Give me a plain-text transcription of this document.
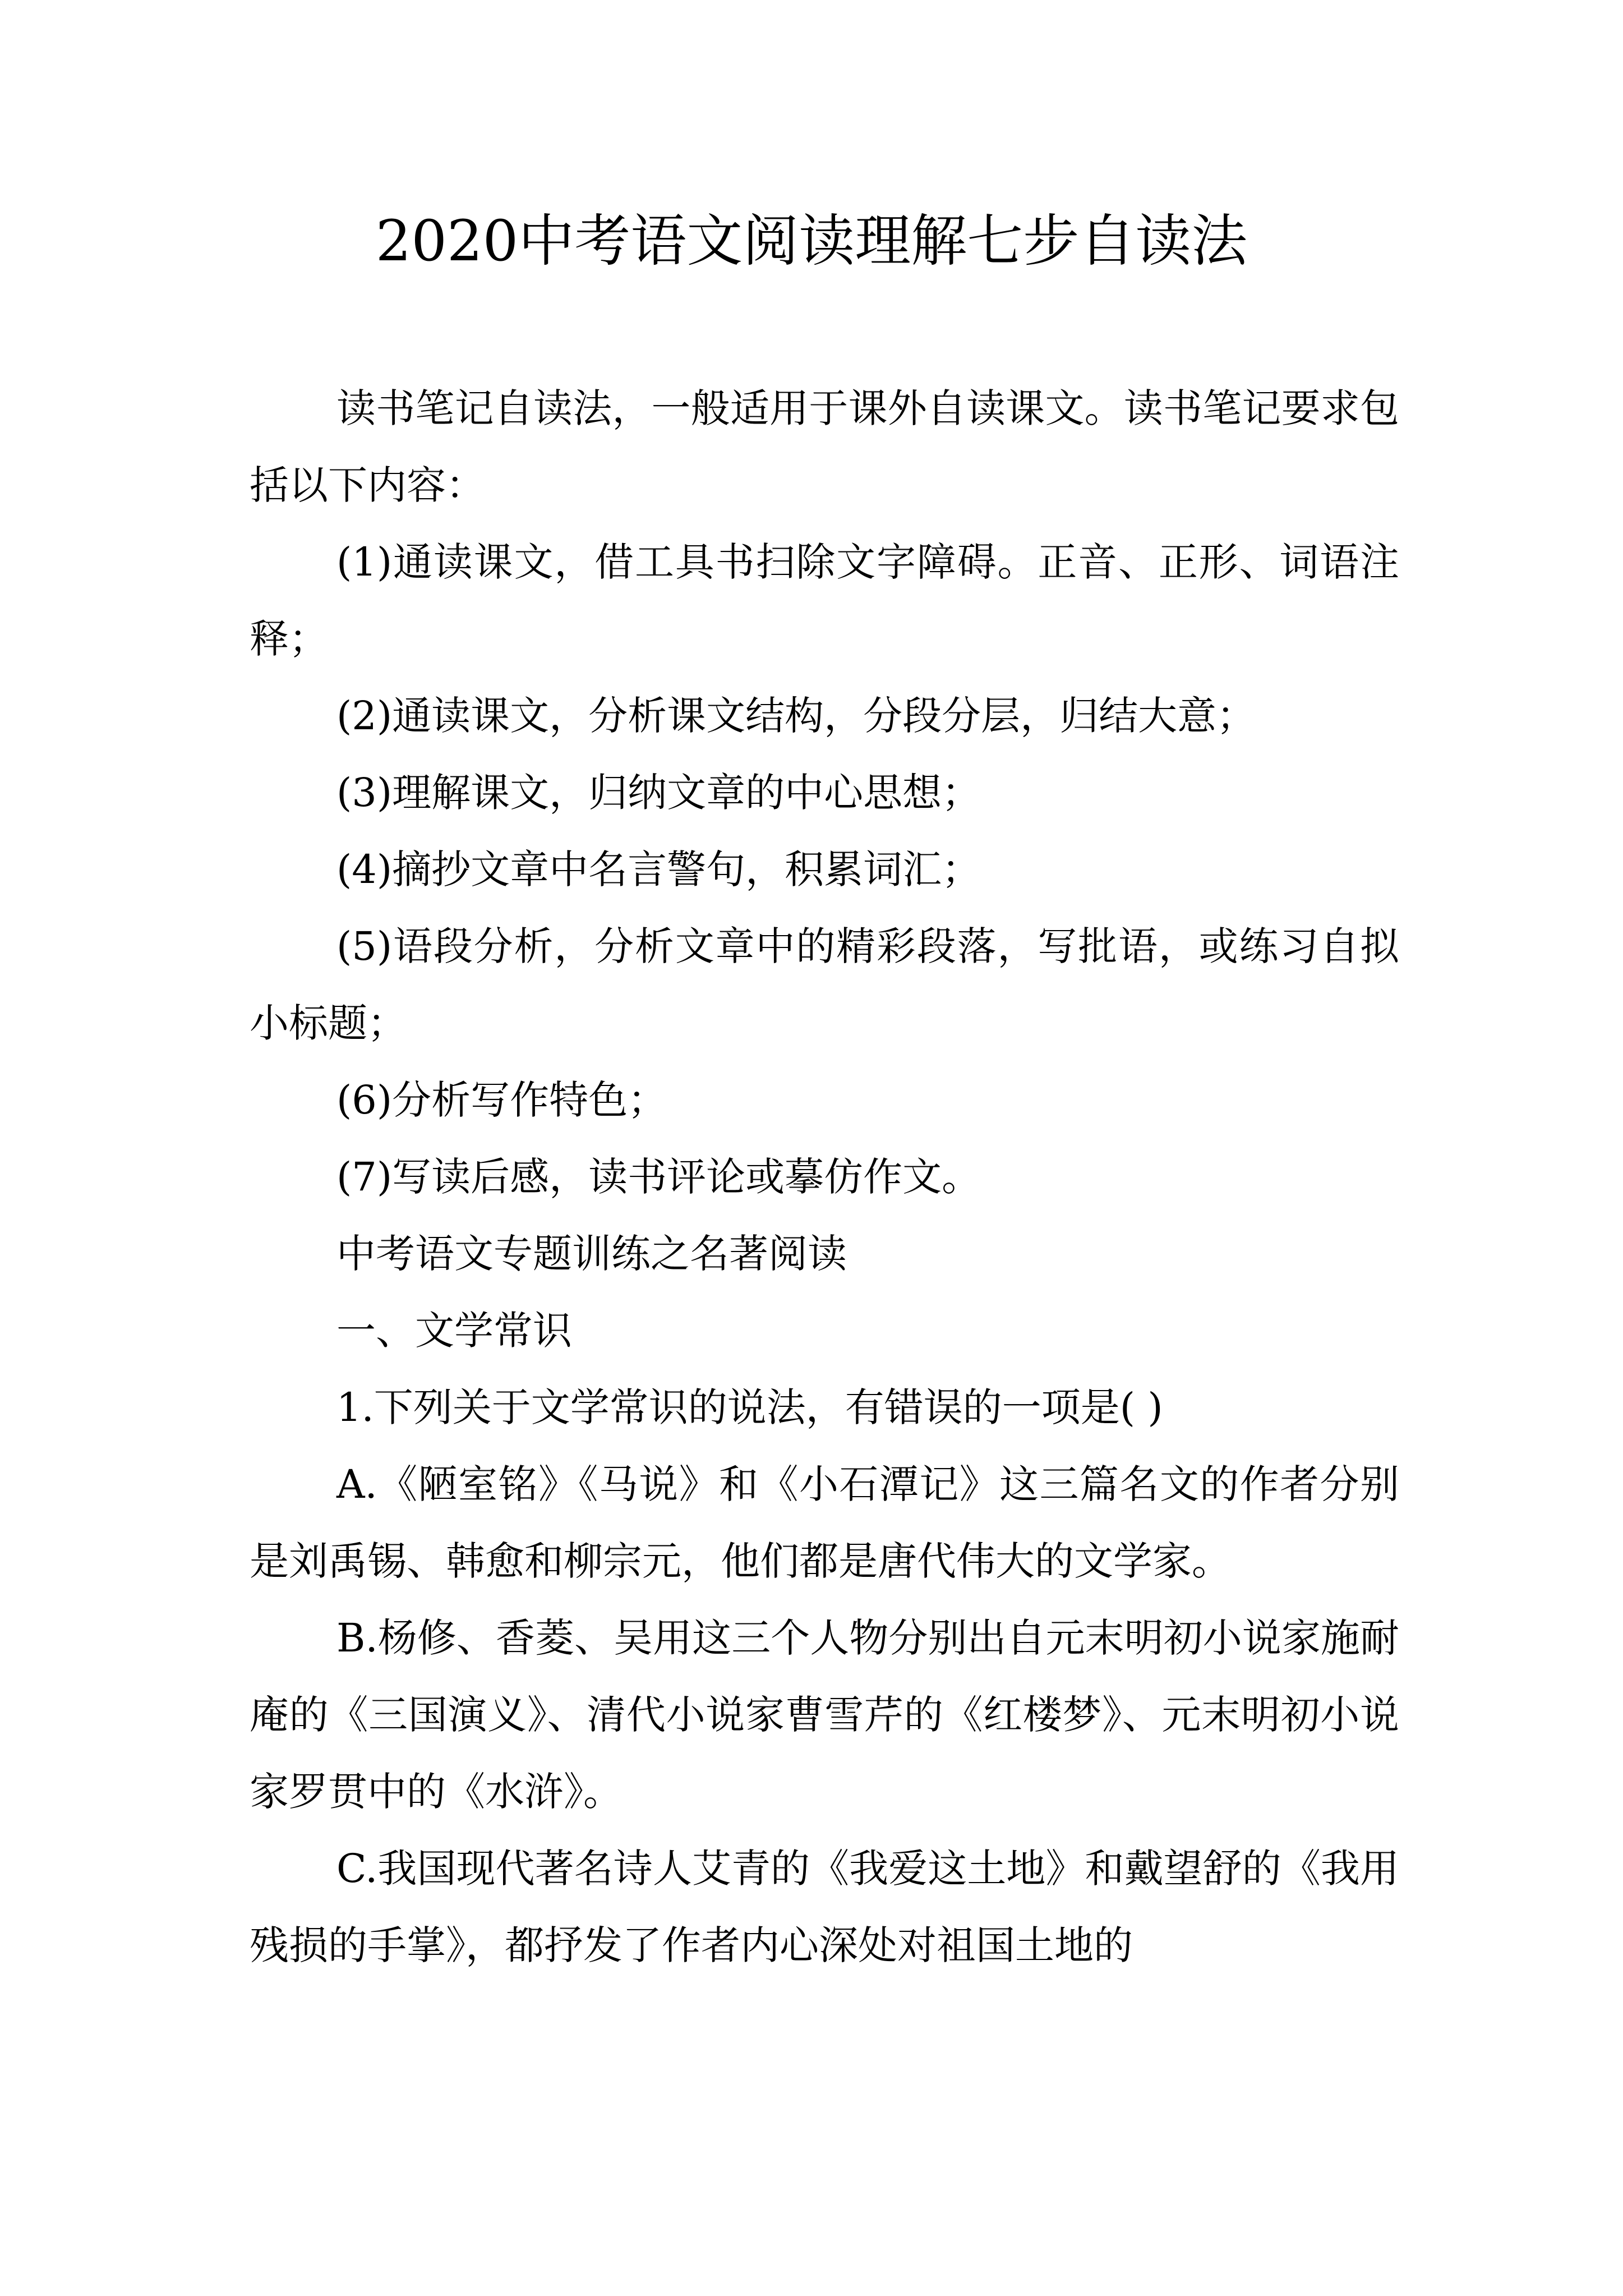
2020中考语文阅读理解七步自读法

读书笔记自读法，一般适用于课外自读课文。读书笔记要求包括以下内容：

(1)通读课文，借工具书扫除文字障碍。正音、正形、词语注释；

(2)通读课文，分析课文结构，分段分层，归结大意；

(3)理解课文，归纳文章的中心思想；

(4)摘抄文章中名言警句，积累词汇；

(5)语段分析，分析文章中的精彩段落，写批语，或练习自拟小标题；

(6)分析写作特色；

(7)写读后感，读书评论或摹仿作文。

中考语文专题训练之名著阅读

一、文学常识

1.下列关于文学常识的说法，有错误的一项是( )

A.《陋室铭》《马说》和《小石潭记》这三篇名文的作者分别是刘禹锡、韩愈和柳宗元，他们都是唐代伟大的文学家。

B.杨修、香菱、吴用这三个人物分别出自元末明初小说家施耐庵的《三国演义》、清代小说家曹雪芹的《红楼梦》、元末明初小说家罗贯中的《水浒》。

C.我国现代著名诗人艾青的《我爱这土地》和戴望舒的《我用残损的手掌》，都抒发了作者内心深处对祖国土地的
